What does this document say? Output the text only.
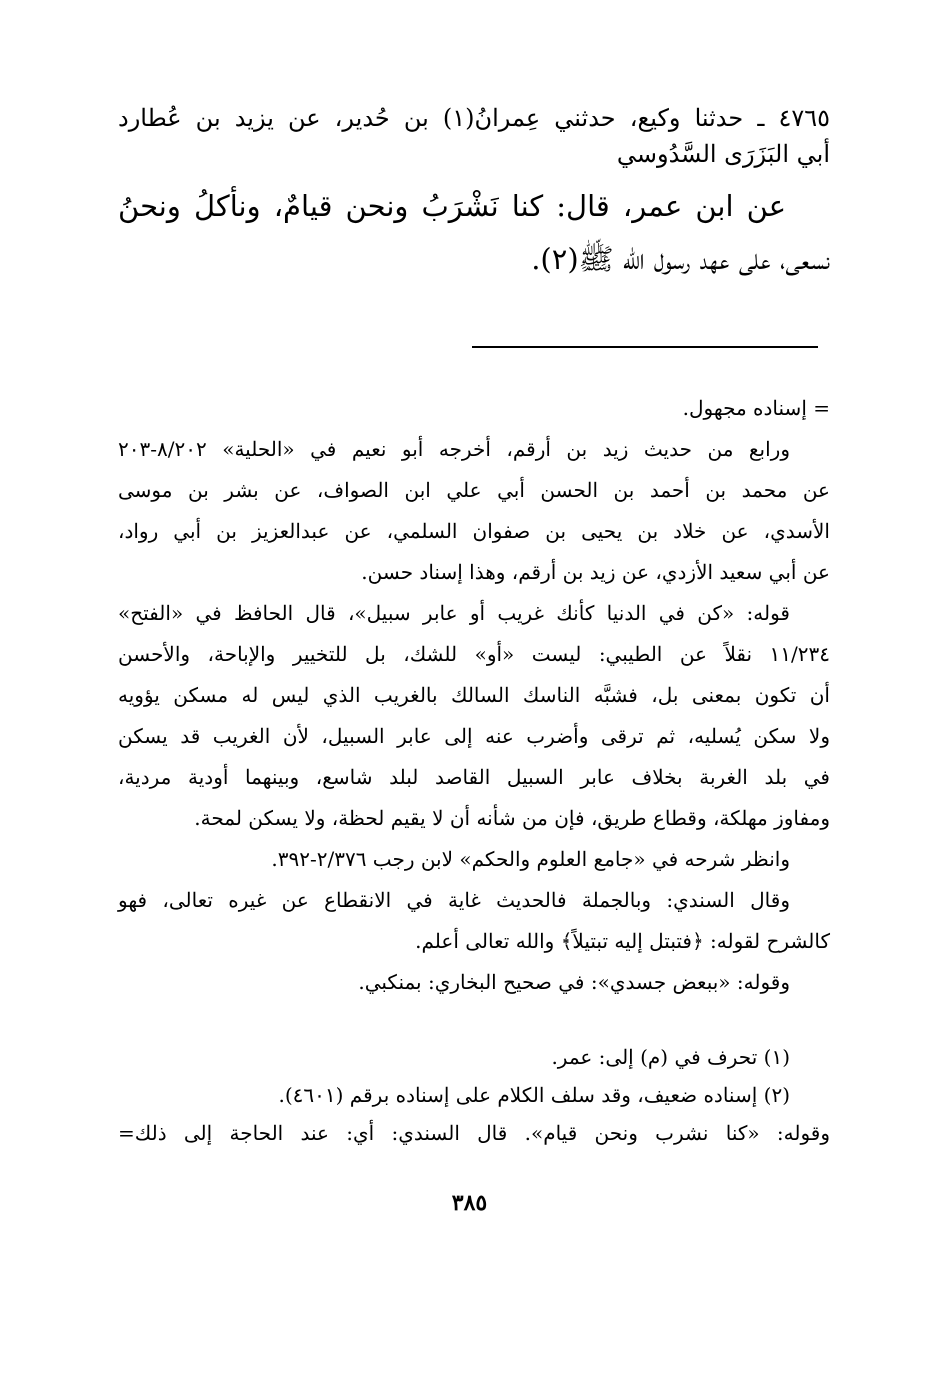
٤٧٦٥ ـ حدثنا وكيع، حدثني عِمرانُ(١) بن حُدير، عن يزيد بن عُطارد
أبي البَزَرَى السَّدُوسي
عن ابن عمر، قال: كنا نَشْرَبُ ونحن قيامٌ، ونأكلُ ونحنُ
نسعى، على عهد رسول الله ﷺ(٢).

= إسناده مجهول.

ورابع من حديث زيد بن أرقم، أخرجه أبو نعيم في «الحلية» ٨/٢٠٢-٢٠٣

عن محمد بن أحمد بن الحسن أبي علي ابن الصواف، عن بشر بن موسى

الأسدي، عن خلاد بن يحيى بن صفوان السلمي، عن عبدالعزيز بن أبي رواد،

عن أبي سعيد الأزدي، عن زيد بن أرقم، وهذا إسناد حسن.

قوله: «كن في الدنيا كأنك غريب أو عابر سبيل»، قال الحافظ في «الفتح»

١١/٢٣٤ نقلاً عن الطيبي: ليست «أو» للشك، بل للتخيير والإباحة، والأحسن

أن تكون بمعنى بل، فشبَّه الناسك السالك بالغريب الذي ليس له مسكن يؤويه

ولا سكن يُسليه، ثم ترقى وأضرب عنه إلى عابر السبيل، لأن الغريب قد يسكن

في بلد الغربة بخلاف عابر السبيل القاصد لبلد شاسع، وبينهما أودية مردية،

ومفاوز مهلكة، وقطاع طريق، فإن من شأنه أن لا يقيم لحظة، ولا يسكن لمحة.

وانظر شرحه في «جامع العلوم والحكم» لابن رجب ٢/٣٧٦-٣٩٢.

وقال السندي: وبالجملة فالحديث غاية في الانقطاع عن غيره تعالى، فهو

كالشرح لقوله: ﴿فتبتل إليه تبتيلاً﴾ والله تعالى أعلم.

وقوله: «ببعض جسدي»: في صحيح البخاري: بمنكبي.

(١) تحرف في (م) إلى: عمر.

(٢) إسناده ضعيف، وقد سلف الكلام على إسناده برقم (٤٦٠١).

وقوله: «كنا نشرب ونحن قيام». قال السندي: أي: عند الحاجة إلى ذلك=

٣٨٥
